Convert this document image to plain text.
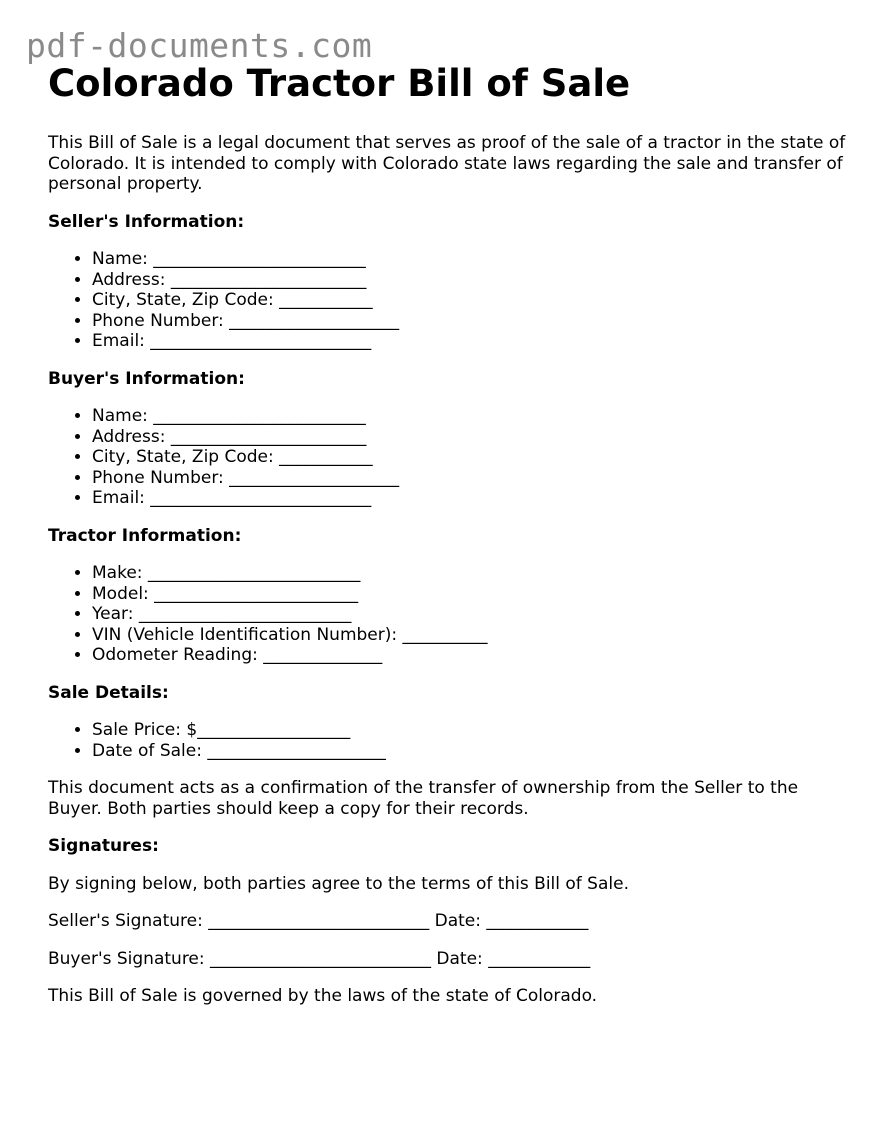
pdf-documents.com
Colorado Tractor Bill of Sale

This Bill of Sale is a legal document that serves as proof of the sale of a tractor in the state of Colorado. It is intended to comply with Colorado state laws regarding the sale and transfer of personal property.

Seller's Information:

• Name: _________________________
• Address: _______________________
• City, State, Zip Code: ___________
• Phone Number: ____________________
• Email: __________________________

Buyer's Information:

• Name: _________________________
• Address: _______________________
• City, State, Zip Code: ___________
• Phone Number: ____________________
• Email: __________________________

Tractor Information:

• Make: _________________________
• Model: ________________________
• Year: _________________________
• VIN (Vehicle Identification Number): __________
• Odometer Reading: ______________

Sale Details:

• Sale Price: $__________________
• Date of Sale: _____________________

This document acts as a confirmation of the transfer of ownership from the Seller to the Buyer. Both parties should keep a copy for their records.

Signatures:

By signing below, both parties agree to the terms of this Bill of Sale.

Seller's Signature: __________________________ Date: ____________

Buyer's Signature: __________________________ Date: ____________

This Bill of Sale is governed by the laws of the state of Colorado.
